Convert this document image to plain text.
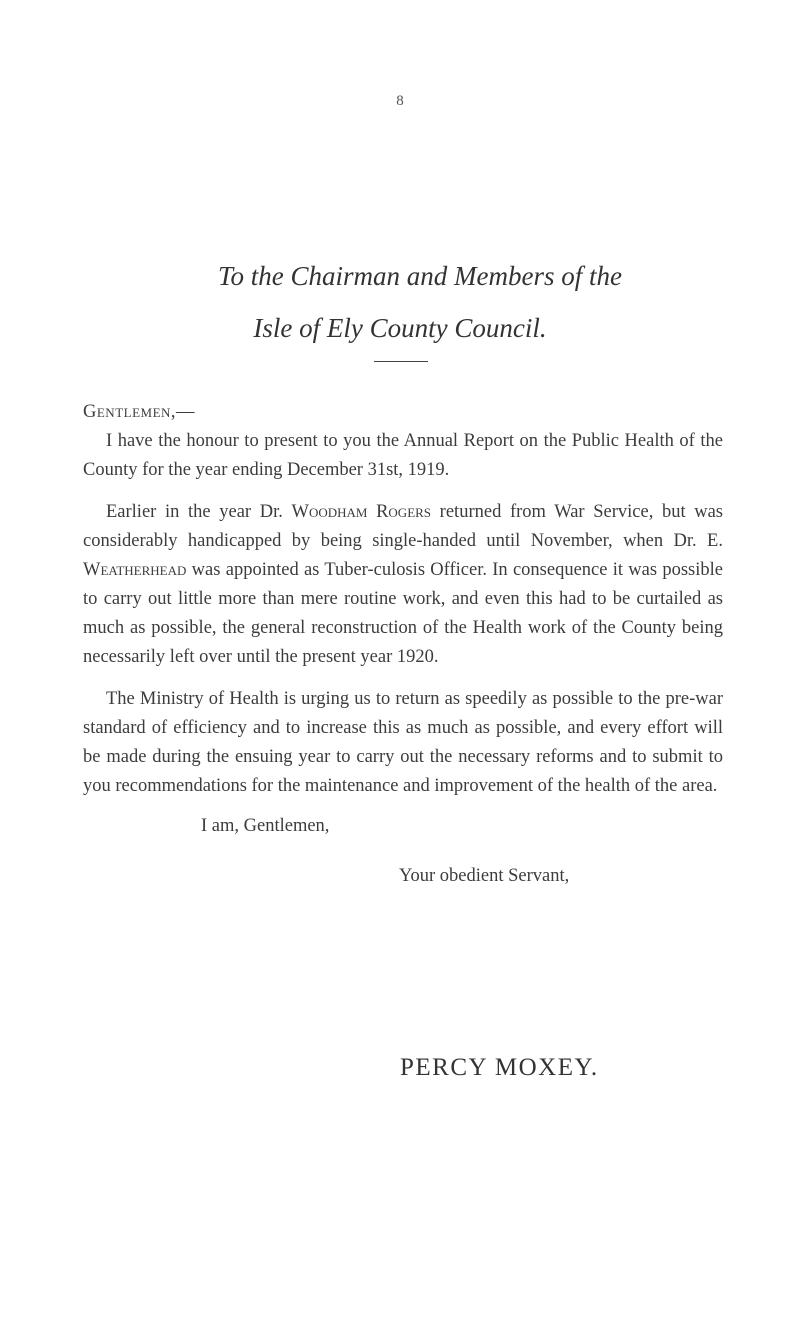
8
To the Chairman and Members of the
Isle of Ely County Council.

Gentlemen,—

I have the honour to present to you the Annual Report on the Public Health of the County for the year ending December 31st, 1919.

Earlier in the year Dr. Woodham Rogers returned from War Service, but was considerably handicapped by being single-handed until November, when Dr. E. Weatherhead was appointed as Tuber-culosis Officer. In consequence it was possible to carry out little more than mere routine work, and even this had to be curtailed as much as possible, the general reconstruction of the Health work of the County being necessarily left over until the present year 1920.

The Ministry of Health is urging us to return as speedily as possible to the pre-war standard of efficiency and to increase this as much as possible, and every effort will be made during the ensuing year to carry out the necessary reforms and to submit to you recommendations for the maintenance and improvement of the health of the area.

I am, Gentlemen,

Your obedient Servant,

PERCY MOXEY.
